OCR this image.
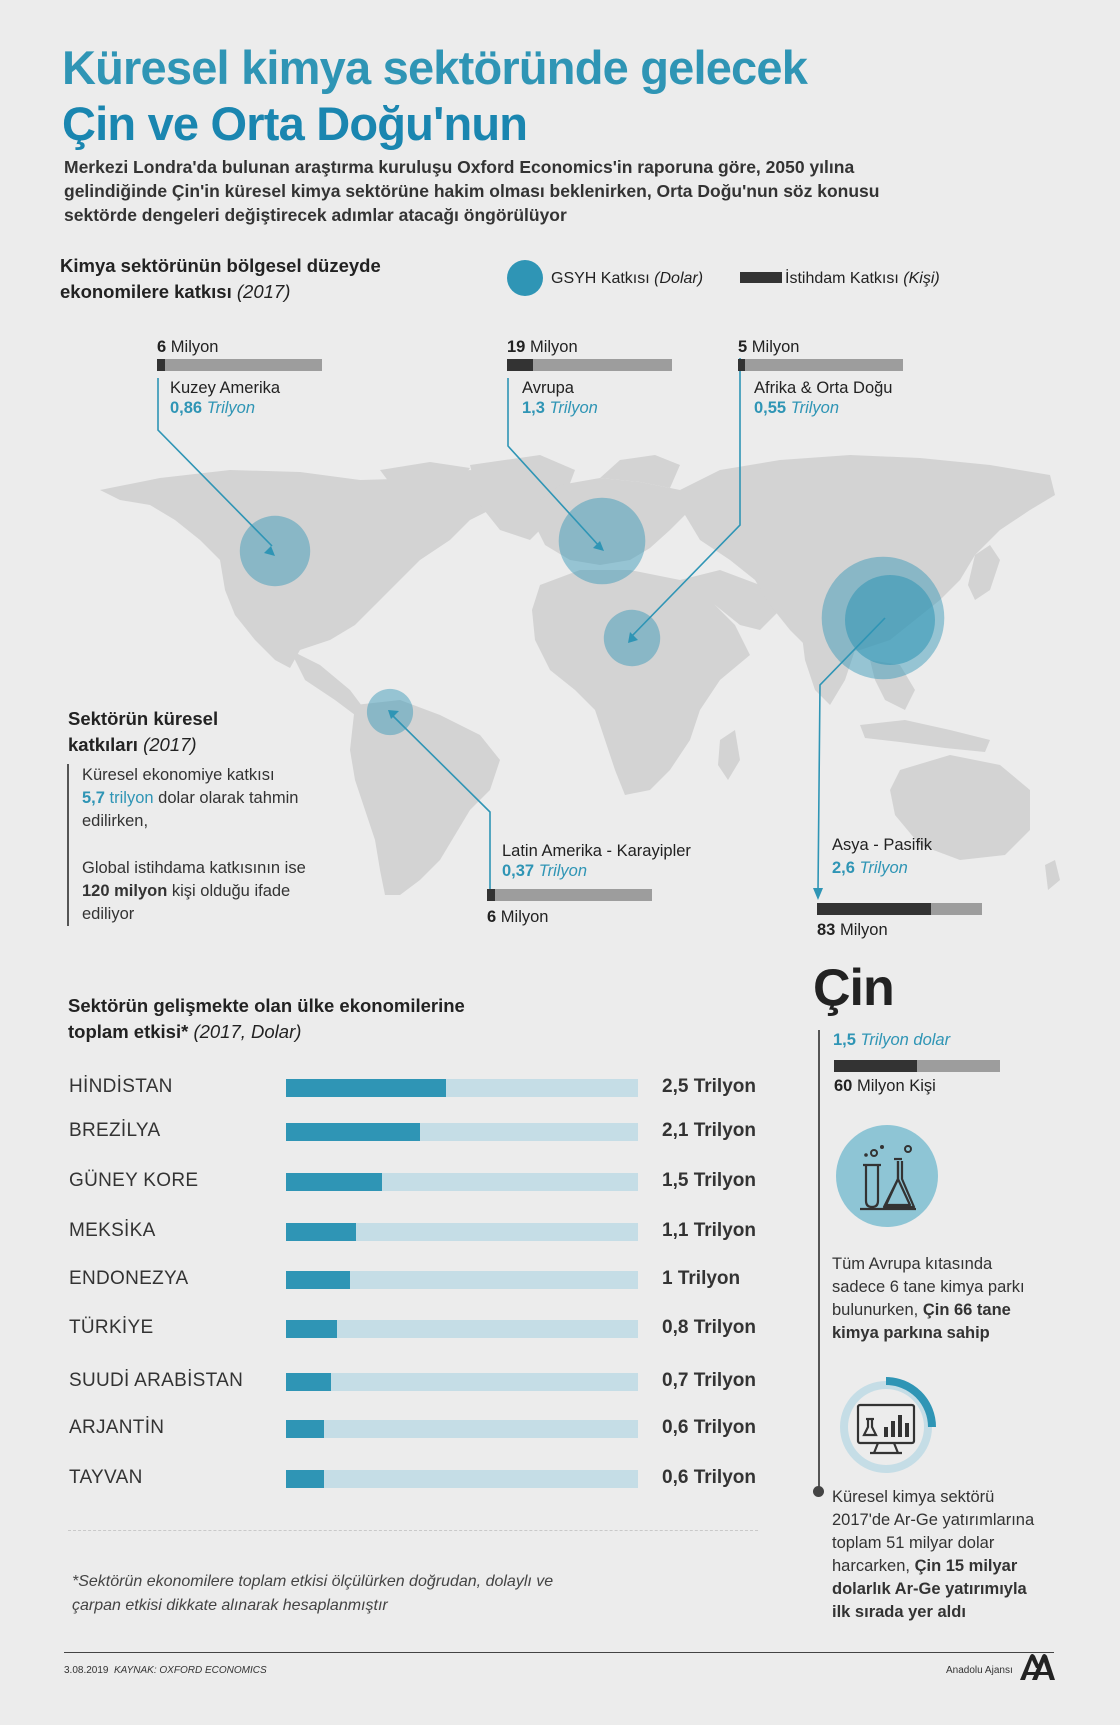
Küresel kimya sektöründe gelecek
Çin ve Orta Doğu'nun

Merkezi Londra'da bulunan araştırma kuruluşu Oxford Economics'in raporuna göre, 2050 yılına gelindiğinde Çin'in küresel kimya sektörüne hakim olması beklenirken, Orta Doğu'nun söz konusu sektörde dengeleri değiştirecek adımlar atacağı öngörülüyor

Kimya sektörünün bölgesel düzeyde
ekonomilere katkısı (2017)
GSYH Katkısı (Dolar)	İstihdam Katkısı (Kişi)
6 Milyon
Kuzey Amerika
0,86 Trilyon
19 Milyon
Avrupa
1,3 Trilyon
5 Milyon
Afrika & Orta Doğu
0,55 Trilyon
Latin Amerika - Karayipler
0,37 Trilyon
6 Milyon
Asya - Pasifik
2,6 Trilyon
83 Milyon
Sektörün küresel
katkıları (2017)
Küresel ekonomiye katkısı
5,7 trilyon dolar olarak tahmin
edilirken,
Global istihdama katkısının ise
120 milyon kişi olduğu ifade
ediliyor
Sektörün gelişmekte olan ülke ekonomilerine
toplam etkisi* (2017, Dolar)
HİNDİSTAN	2,5 Trilyon
BREZİLYA	2,1 Trilyon
GÜNEY KORE	1,5 Trilyon
MEKSİKA	1,1 Trilyon
ENDONEZYA	1 Trilyon
TÜRKİYE	0,8 Trilyon
SUUDİ ARABİSTAN	0,7 Trilyon
ARJANTİN	0,6 Trilyon
TAYVAN	0,6 Trilyon
*Sektörün ekonomilere toplam etkisi ölçülürken doğrudan, dolaylı ve
çarpan etkisi dikkate alınarak hesaplanmıştır
Çin
1,5 Trilyon dolar
60 Milyon Kişi
Tüm Avrupa kıtasında
sadece 6 tane kimya parkı
bulunurken, Çin 66 tane
kimya parkına sahip
Küresel kimya sektörü
2017'de Ar-Ge yatırımlarına
toplam 51 milyar dolar
harcarken, Çin 15 milyar
dolarlık Ar-Ge yatırımıyla
ilk sırada yer aldı
3.08.2019 KAYNAK: OXFORD ECONOMICS	Anadolu Ajansı
